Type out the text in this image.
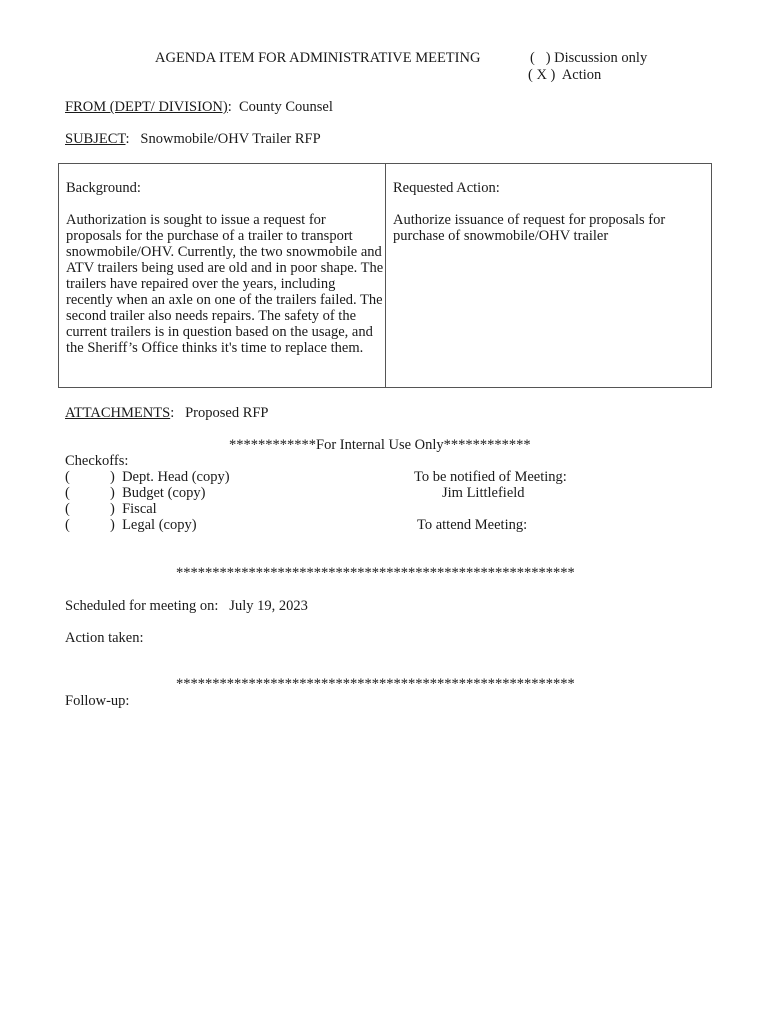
AGENDA ITEM FOR ADMINISTRATIVE MEETING	(   ) Discussion only
( X )  Action
FROM (DEPT/ DIVISION):  County Counsel
SUBJECT:   Snowmobile/OHV Trailer RFP
Background:

Authorization is sought to issue a request for proposals for the purchase of a trailer to transport snowmobile/OHV. Currently, the two snowmobile and ATV trailers being used are old and in poor shape. The trailers have repaired over the years, including recently when an axle on one of the trailers failed. The second trailer also needs repairs. The safety of the current trailers is in question based on the usage, and the Sheriff’s Office thinks it's time to replace them.

Requested Action:

Authorize issuance of request for proposals for purchase of snowmobile/OHV trailer

ATTACHMENTS:   Proposed RFP
************For Internal Use Only************
Checkoffs:
(	)  Dept. Head (copy)
(	)  Budget (copy)
(	)  Fiscal
(	)  Legal (copy)
To be notified of Meeting:
Jim Littlefield
To attend Meeting:
*******************************************************
Scheduled for meeting on: July 19, 2023
Action taken:
*******************************************************
Follow-up:
